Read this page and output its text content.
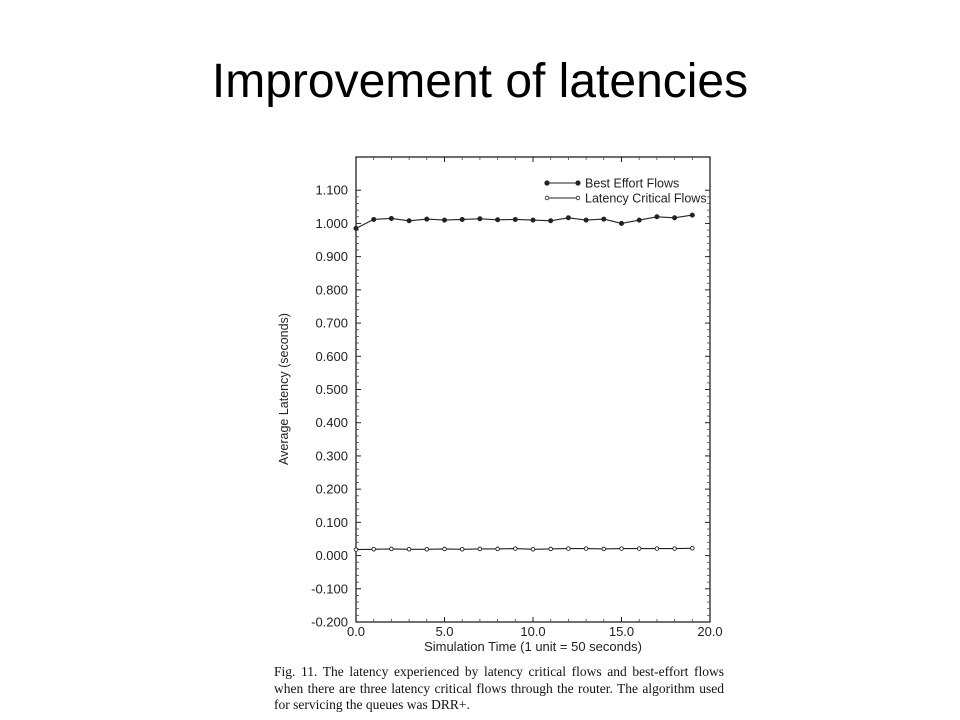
Improvement of latencies
-0.200
-0.100
0.000
0.100
0.200
0.300
0.400
0.500
0.600
0.700
0.800
0.900
1.000
1.100
0.0	5.0	10.0	15.0	20.0
Average Latency (seconds)
Simulation Time (1 unit = 50 seconds)
Best Effort Flows
Latency Critical Flows
Fig. 11. The latency experienced by latency critical flows and best-effort flows when there are three latency critical flows through the router. The algorithm used for servicing the queues was DRR+.
